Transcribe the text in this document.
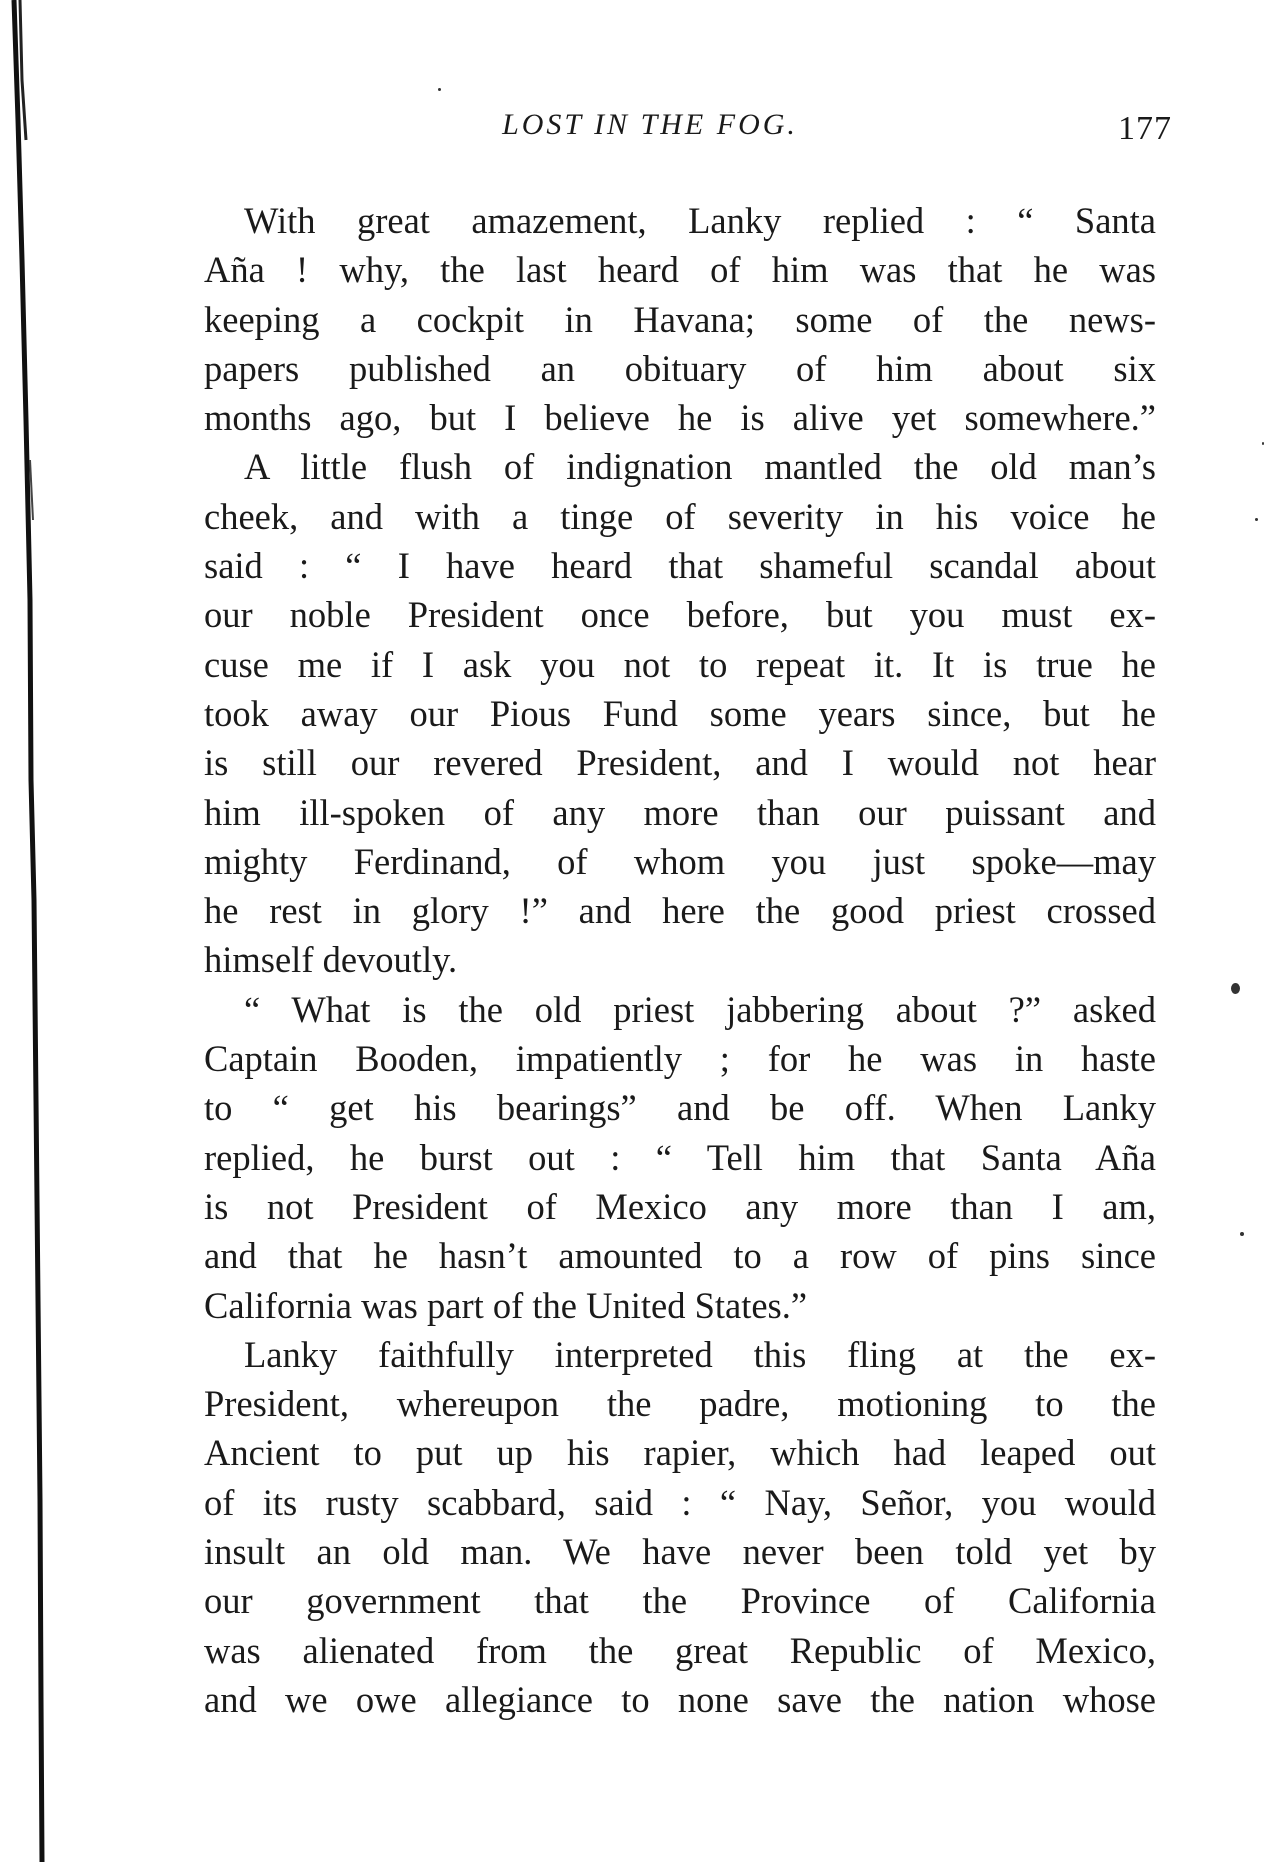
LOST IN THE FOG.	177
With great amazement, Lanky replied : “ Santa
Aña ! why, the last heard of him was that he was
keeping a cockpit in Havana; some of the news-
papers published an obituary of him about six
months ago, but I believe he is alive yet somewhere.”
A little flush of indignation mantled the old man’s
cheek, and with a tinge of severity in his voice he
said : “ I have heard that shameful scandal about
our noble President once before, but you must ex-
cuse me if I ask you not to repeat it. It is true he
took away our Pious Fund some years since, but he
is still our revered President, and I would not hear
him ill-spoken of any more than our puissant and
mighty Ferdinand, of whom you just spoke—may
he rest in glory !” and here the good priest crossed
himself devoutly.
“ What is the old priest jabbering about ?” asked
Captain Booden, impatiently ; for he was in haste
to “ get his bearings” and be off. When Lanky
replied, he burst out : “ Tell him that Santa Aña
is not President of Mexico any more than I am,
and that he hasn’t amounted to a row of pins since
California was part of the United States.”
Lanky faithfully interpreted this fling at the ex-
President, whereupon the padre, motioning to the
Ancient to put up his rapier, which had leaped out
of its rusty scabbard, said : “ Nay, Señor, you would
insult an old man. We have never been told yet by
our government that the Province of California
was alienated from the great Republic of Mexico,
and we owe allegiance to none save the nation whose
